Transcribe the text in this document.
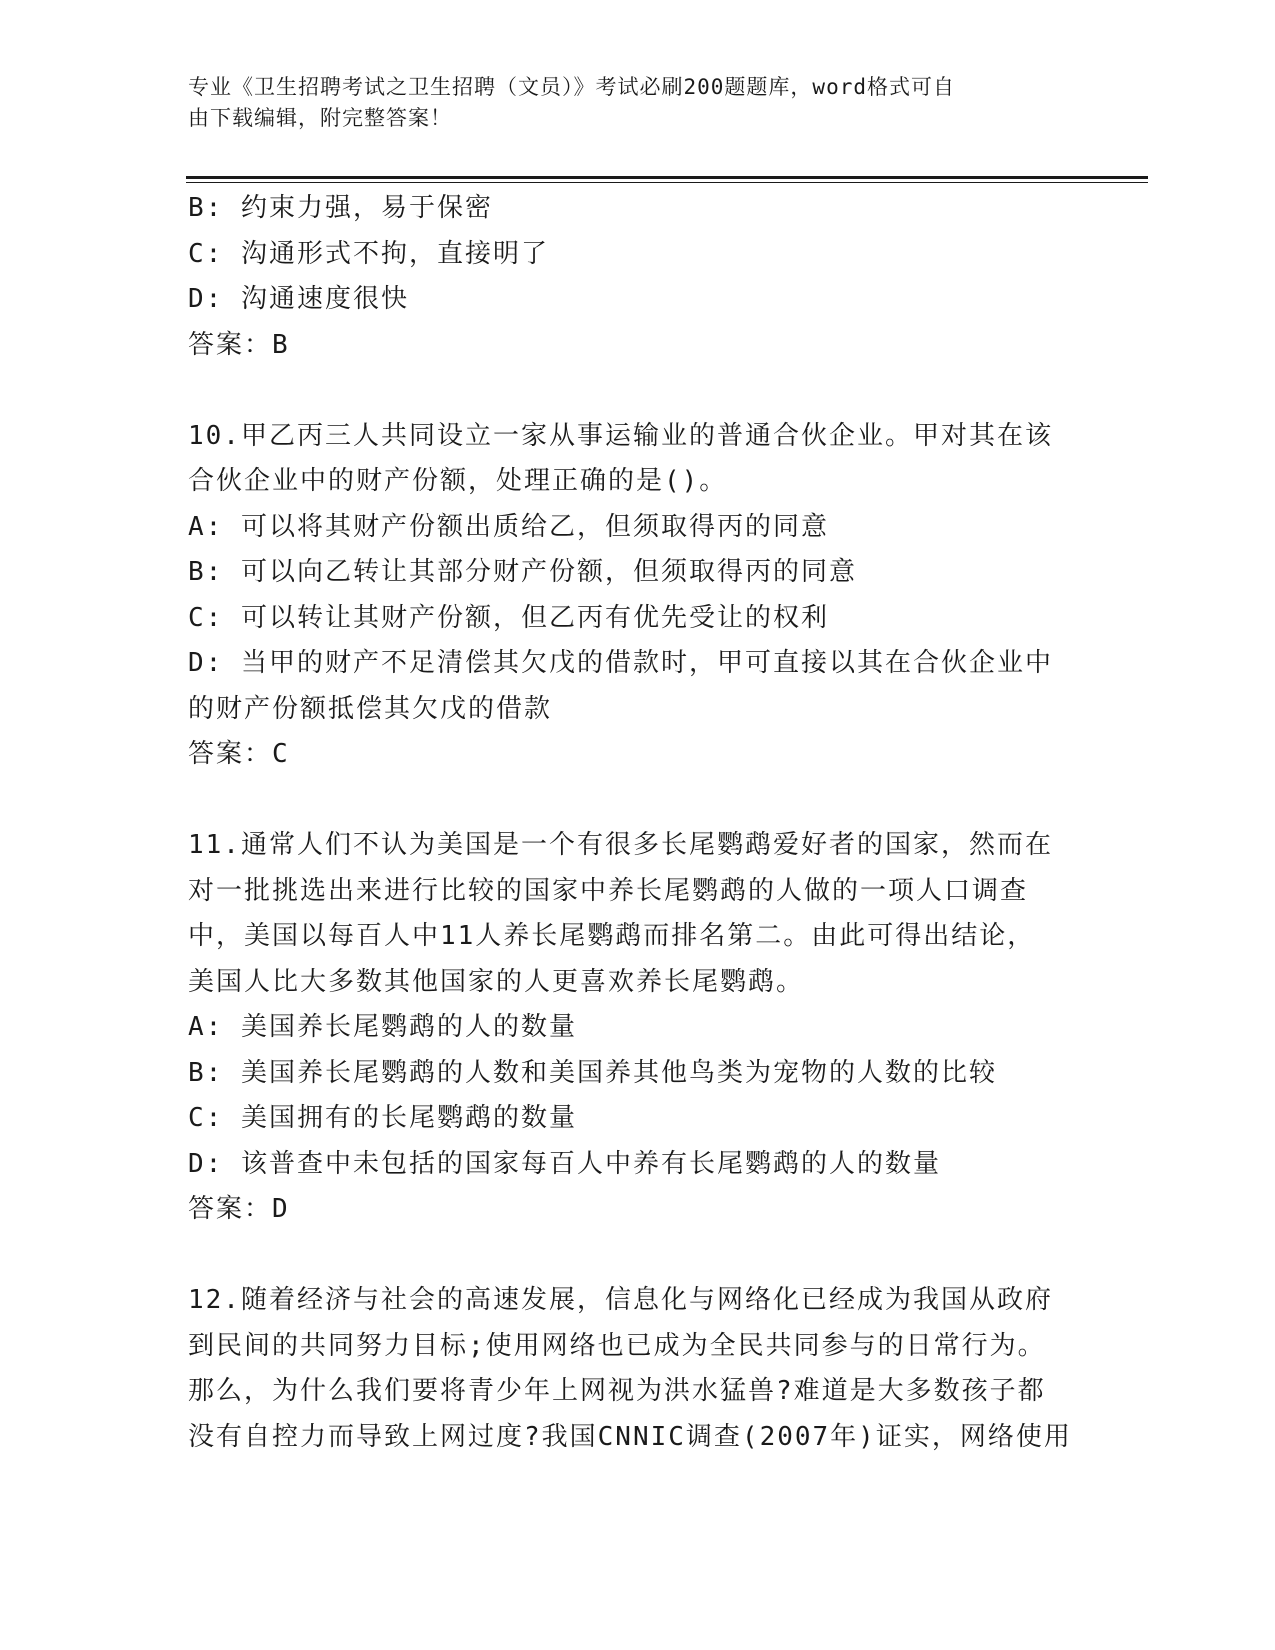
专业《卫生招聘考试之卫生招聘（文员）》考试必刷200题题库，word格式可自
由下载编辑，附完整答案！
B: 约束力强，易于保密
C: 沟通形式不拘，直接明了
D: 沟通速度很快
答案：B
10.甲乙丙三人共同设立一家从事运输业的普通合伙企业。甲对其在该
合伙企业中的财产份额，处理正确的是()。
A: 可以将其财产份额出质给乙，但须取得丙的同意
B: 可以向乙转让其部分财产份额，但须取得丙的同意
C: 可以转让其财产份额，但乙丙有优先受让的权利
D: 当甲的财产不足清偿其欠戊的借款时，甲可直接以其在合伙企业中
的财产份额抵偿其欠戊的借款
答案：C
11.通常人们不认为美国是一个有很多长尾鹦鹉爱好者的国家，然而在
对一批挑选出来进行比较的国家中养长尾鹦鹉的人做的一项人口调查
中，美国以每百人中11人养长尾鹦鹉而排名第二。由此可得出结论，
美国人比大多数其他国家的人更喜欢养长尾鹦鹉。
A: 美国养长尾鹦鹉的人的数量
B: 美国养长尾鹦鹉的人数和美国养其他鸟类为宠物的人数的比较
C: 美国拥有的长尾鹦鹉的数量
D: 该普查中未包括的国家每百人中养有长尾鹦鹉的人的数量
答案：D
12.随着经济与社会的高速发展，信息化与网络化已经成为我国从政府
到民间的共同努力目标;使用网络也已成为全民共同参与的日常行为。
那么，为什么我们要将青少年上网视为洪水猛兽?难道是大多数孩子都
没有自控力而导致上网过度?我国CNNIC调查(2007年)证实，网络使用
